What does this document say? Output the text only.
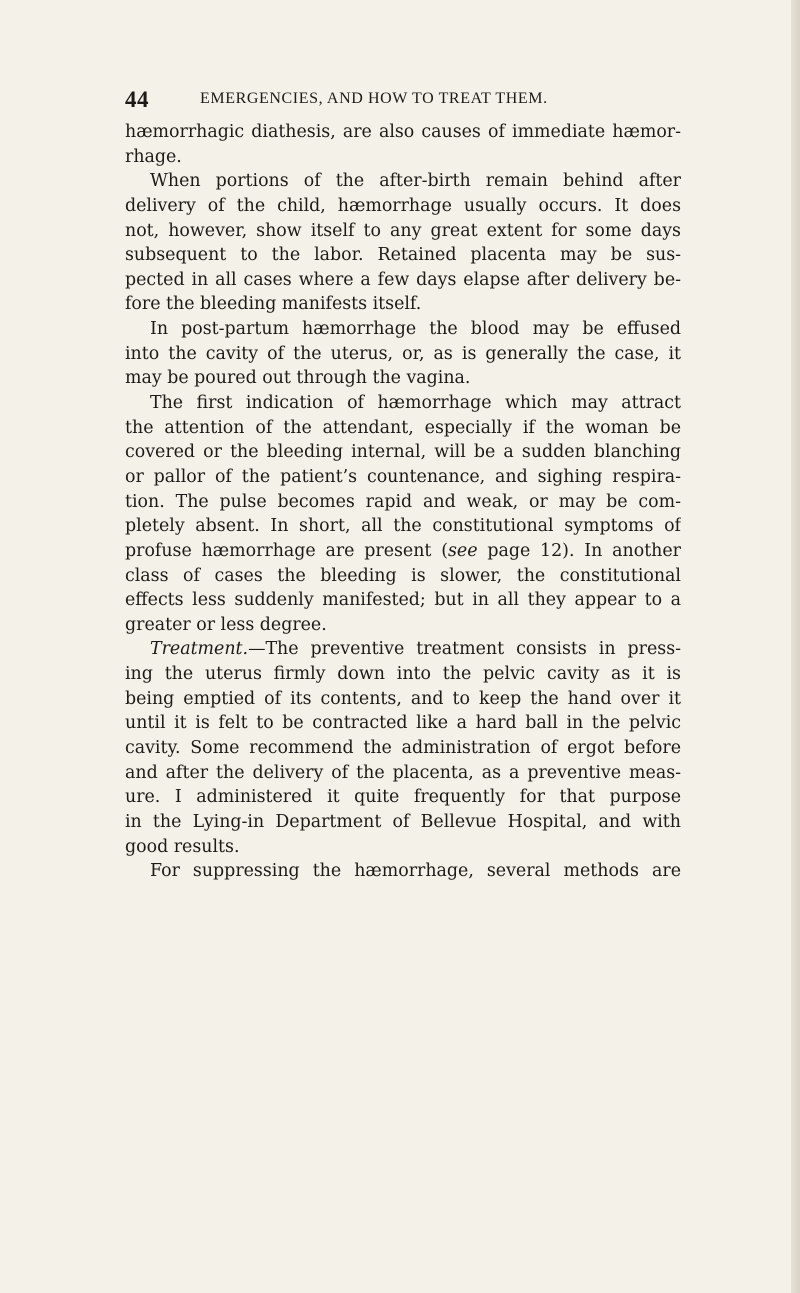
44	EMERGENCIES, AND HOW TO TREAT THEM.
hæmorrhagic diathesis, are also causes of immediate hæmor-
rhage.
When portions of the after-birth remain behind after
delivery of the child, hæmorrhage usually occurs. It does
not, however, show itself to any great extent for some days
subsequent to the labor. Retained placenta may be sus-
pected in all cases where a few days elapse after delivery be-
fore the bleeding manifests itself.
In post-partum hæmorrhage the blood may be effused
into the cavity of the uterus, or, as is generally the case, it
may be poured out through the vagina.
The first indication of hæmorrhage which may attract
the attention of the attendant, especially if the woman be
covered or the bleeding internal, will be a sudden blanching
or pallor of the patient’s countenance, and sighing respira-
tion. The pulse becomes rapid and weak, or may be com-
pletely absent. In short, all the constitutional symptoms of
profuse hæmorrhage are present (see page 12). In another
class of cases the bleeding is slower, the constitutional
effects less suddenly manifested; but in all they appear to a
greater or less degree.
Treatment.—The preventive treatment consists in press-
ing the uterus firmly down into the pelvic cavity as it is
being emptied of its contents, and to keep the hand over it
until it is felt to be contracted like a hard ball in the pelvic
cavity. Some recommend the administration of ergot before
and after the delivery of the placenta, as a preventive meas-
ure. I administered it quite frequently for that purpose
in the Lying-in Department of Bellevue Hospital, and with
good results.
For suppressing the hæmorrhage, several methods are
